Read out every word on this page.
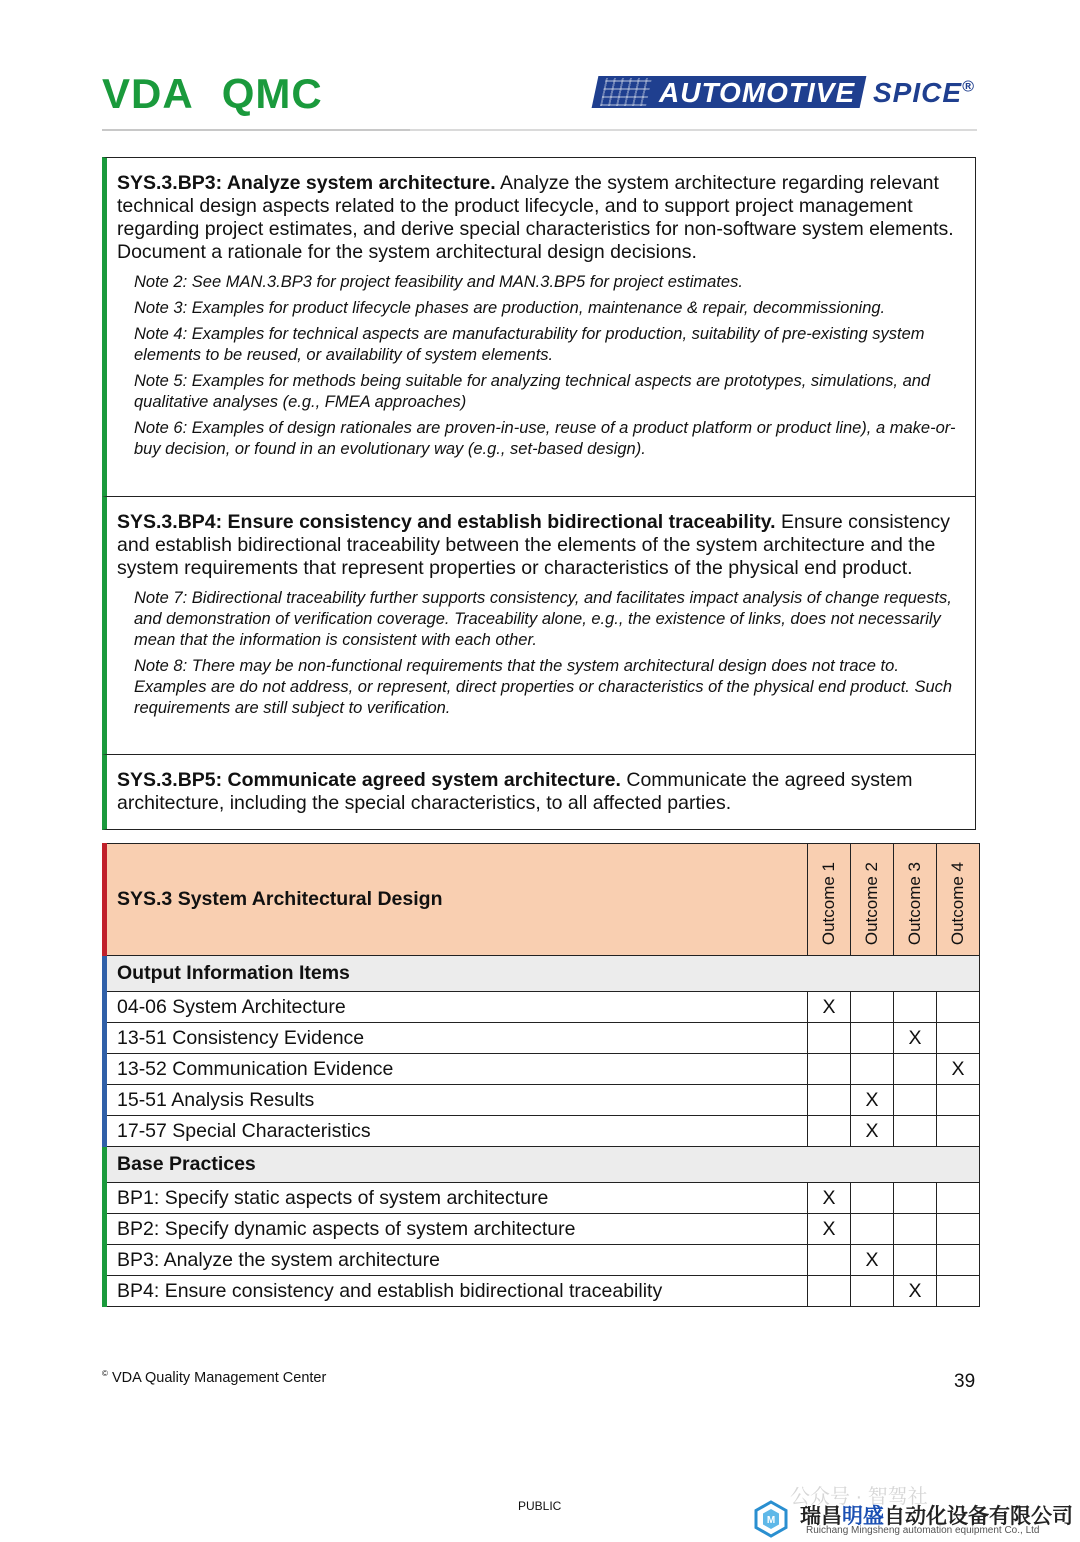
VDA QMC	AUTOMOTIVE SPICE®

SYS.3.BP3: Analyze system architecture. Analyze the system architecture regarding relevant technical design aspects related to the product lifecycle, and to support project management regarding project estimates, and derive special characteristics for non-software system elements. Document a rationale for the system architectural design decisions.

Note 2: See MAN.3.BP3 for project feasibility and MAN.3.BP5 for project estimates.

Note 3: Examples for product lifecycle phases are production, maintenance & repair, decommissioning.

Note 4: Examples for technical aspects are manufacturability for production, suitability of pre-existing system elements to be reused, or availability of system elements.

Note 5: Examples for methods being suitable for analyzing technical aspects are prototypes, simulations, and qualitative analyses (e.g., FMEA approaches)

Note 6: Examples of design rationales are proven-in-use, reuse of a product platform or product line), a make-or-buy decision, or found in an evolutionary way (e.g., set-based design).

SYS.3.BP4: Ensure consistency and establish bidirectional traceability. Ensure consistency and establish bidirectional traceability between the elements of the system architecture and the system requirements that represent properties or characteristics of the physical end product.

Note 7: Bidirectional traceability further supports consistency, and facilitates impact analysis of change requests, and demonstration of verification coverage. Traceability alone, e.g., the existence of links, does not necessarily mean that the information is consistent with each other.

Note 8: There may be non-functional requirements that the system architectural design does not trace to. Examples are do not address, or represent, direct properties or characteristics of the physical end product. Such requirements are still subject to verification.

SYS.3.BP5: Communicate agreed system architecture. Communicate the agreed system architecture, including the special characteristics, to all affected parties.

SYS.3 System Architectural Design	Outcome 1	Outcome 2	Outcome 3	Outcome 4

Output Information Items				
04-06 System Architecture	X			
13-51 Consistency Evidence			X	
13-52 Communication Evidence				X
15-51 Analysis Results		X		
17-57 Special Characteristics		X		
Base Practices				
BP1: Specify static aspects of system architecture	X			
BP2: Specify dynamic aspects of system architecture	X			
BP3: Analyze the system architecture		X		
BP4: Ensure consistency and establish bidirectional traceability			X	
© VDA Quality Management Center	39
PUBLIC	公众号 · 智驾社
M 瑞昌明盛自动化设备有限公司
Ruichang Mingsheng automation equipment Co., Ltd
